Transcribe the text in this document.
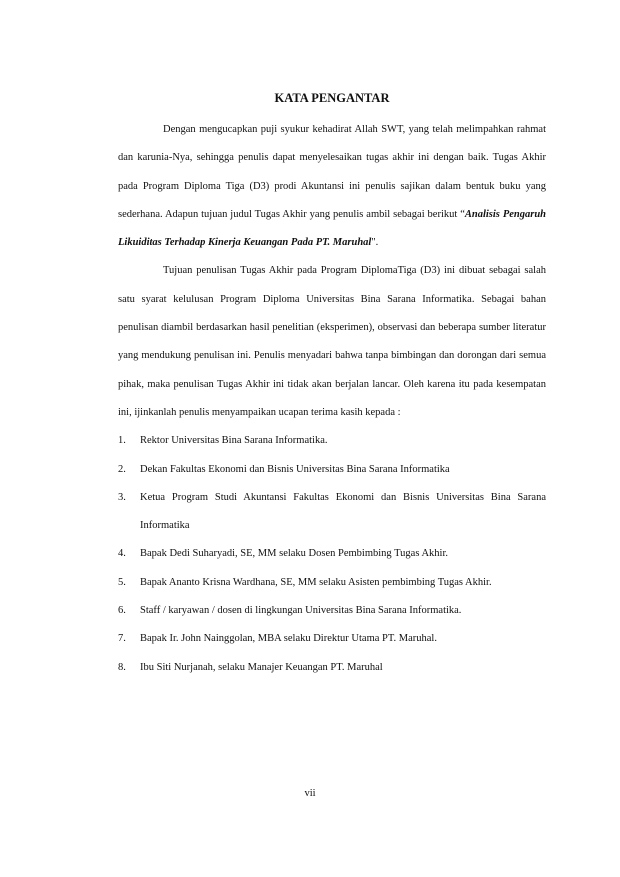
KATA PENGANTAR

Dengan mengucapkan puji syukur kehadirat Allah SWT, yang telah melimpahkan rahmat dan karunia-Nya, sehingga penulis dapat menyelesaikan tugas akhir ini dengan baik. Tugas Akhir pada Program Diploma Tiga (D3) prodi Akuntansi ini penulis sajikan dalam bentuk buku yang sederhana. Adapun tujuan judul Tugas Akhir yang penulis ambil sebagai berikut “Analisis Pengaruh Likuiditas Terhadap Kinerja Keuangan Pada PT. Maruhal".

Tujuan penulisan Tugas Akhir pada Program DiplomaTiga (D3) ini dibuat sebagai salah satu syarat kelulusan Program Diploma Universitas Bina Sarana Informatika. Sebagai bahan penulisan diambil berdasarkan hasil penelitian (eksperimen), observasi dan beberapa sumber literatur yang mendukung penulisan ini. Penulis menyadari bahwa tanpa bimbingan dan dorongan dari semua pihak, maka penulisan Tugas Akhir ini tidak akan berjalan lancar. Oleh karena itu pada kesempatan ini, ijinkanlah penulis menyampaikan ucapan terima kasih kepada :

1.	Rektor Universitas Bina Sarana Informatika.
2.	Dekan Fakultas Ekonomi dan Bisnis Universitas Bina Sarana Informatika
3.	Ketua Program Studi Akuntansi Fakultas Ekonomi dan Bisnis Universitas Bina Sarana Informatika
4.	Bapak Dedi Suharyadi, SE, MM selaku Dosen Pembimbing Tugas Akhir.
5.	Bapak Ananto Krisna Wardhana, SE, MM selaku Asisten pembimbing Tugas Akhir.
6.	Staff / karyawan / dosen di lingkungan Universitas Bina Sarana Informatika.
7.	Bapak Ir. John Nainggolan, MBA selaku Direktur Utama PT. Maruhal.
8.	Ibu Siti Nurjanah, selaku Manajer Keuangan PT. Maruhal
vii
